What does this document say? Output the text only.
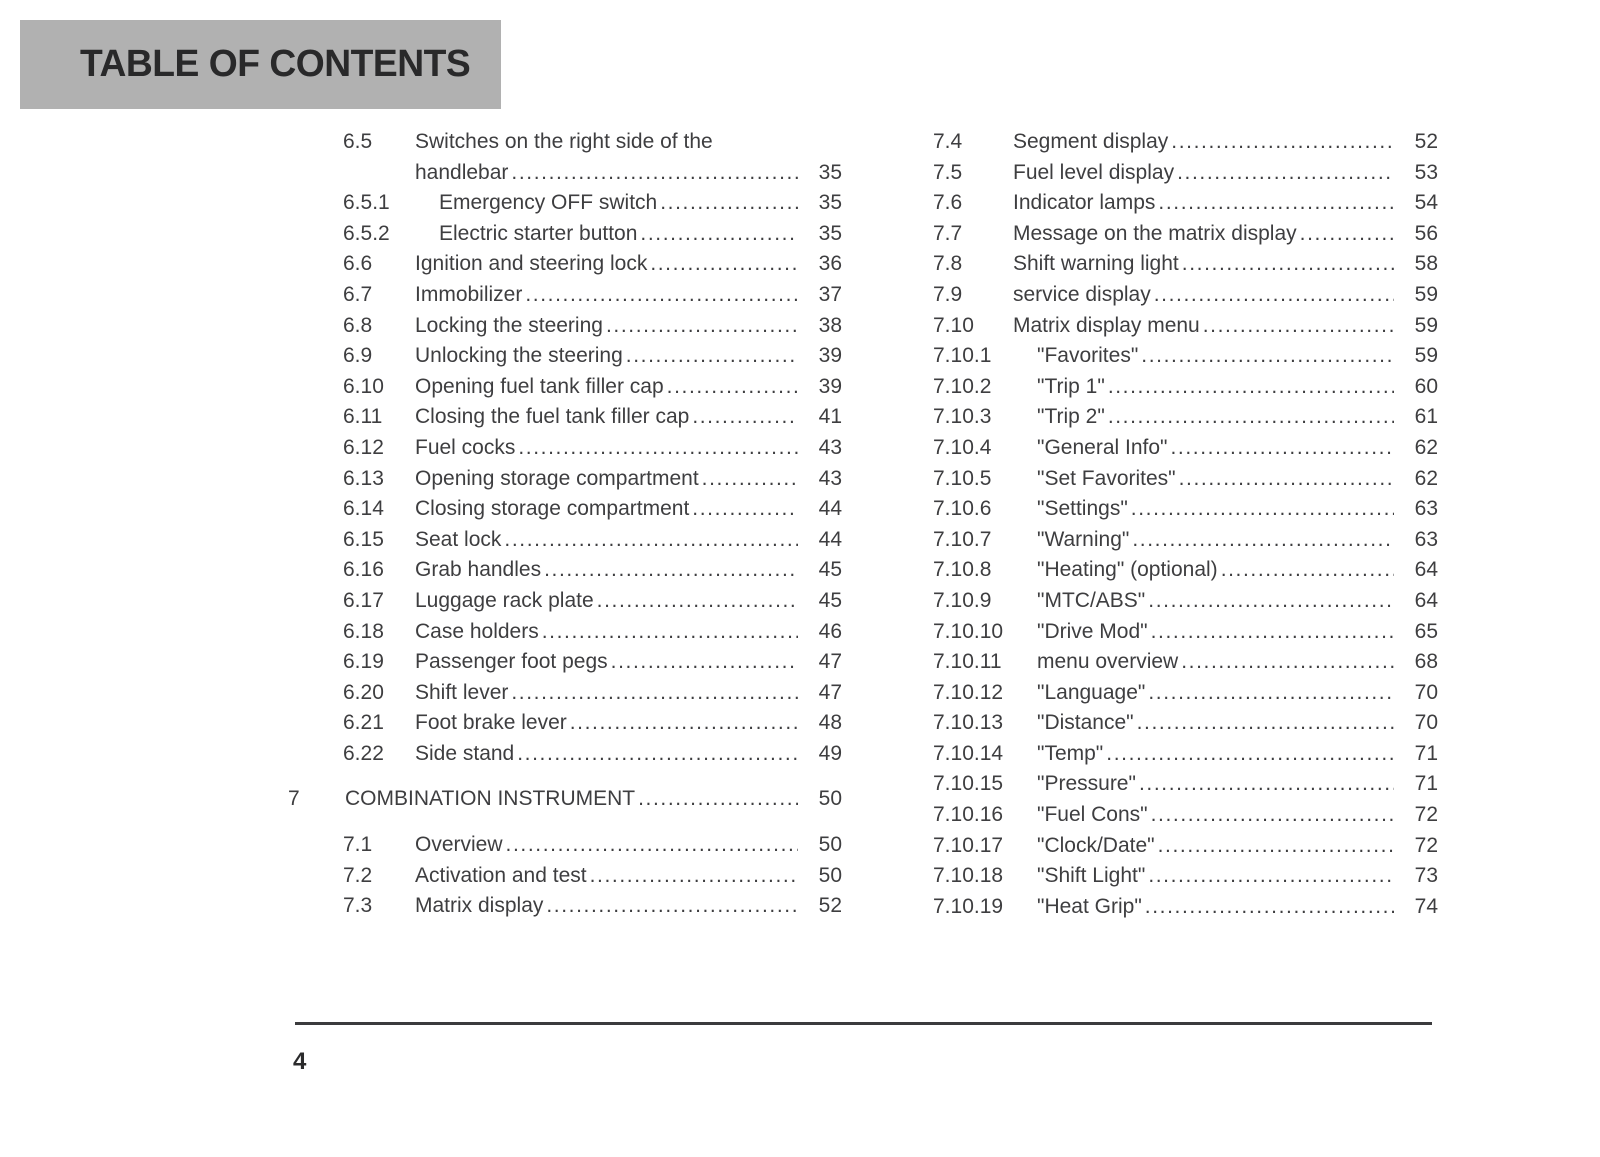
TABLE OF CONTENTS
6.5	Switches on the right side of the
handlebar .....	35
6.5.1	Emergency OFF switch .....	35
6.5.2	Electric starter button .....	35
6.6	Ignition and steering lock .....	36
6.7	Immobilizer .....	37
6.8	Locking the steering .....	38
6.9	Unlocking the steering .....	39
6.10	Opening fuel tank filler cap .....	39
6.11	Closing the fuel tank filler cap .....	41
6.12	Fuel cocks .....	43
6.13	Opening storage compartment .....	43
6.14	Closing storage compartment .....	44
6.15	Seat lock .....	44
6.16	Grab handles .....	45
6.17	Luggage rack plate .....	45
6.18	Case holders .....	46
6.19	Passenger foot pegs .....	47
6.20	Shift lever .....	47
6.21	Foot brake lever .....	48
6.22	Side stand .....	49
7	COMBINATION INSTRUMENT .....	50
7.1	Overview .....	50
7.2	Activation and test .....	50
7.3	Matrix display .....	52
7.4	Segment display .....	52
7.5	Fuel level display .....	53
7.6	Indicator lamps .....	54
7.7	Message on the matrix display .....	56
7.8	Shift warning light .....	58
7.9	service display .....	59
7.10	Matrix display menu .....	59
7.10.1	"Favorites" .....	59
7.10.2	"Trip 1" .....	60
7.10.3	"Trip 2" .....	61
7.10.4	"General Info" .....	62
7.10.5	"Set Favorites" .....	62
7.10.6	"Settings" .....	63
7.10.7	"Warning" .....	63
7.10.8	"Heating" (optional) .....	64
7.10.9	"MTC/ABS" .....	64
7.10.10	"Drive Mod" .....	65
7.10.11	menu overview .....	68
7.10.12	"Language" .....	70
7.10.13	"Distance" .....	70
7.10.14	"Temp" .....	71
7.10.15	"Pressure" .....	71
7.10.16	"Fuel Cons" .....	72
7.10.17	"Clock/Date" .....	72
7.10.18	"Shift Light" .....	73
7.10.19	"Heat Grip" .....	74
4
